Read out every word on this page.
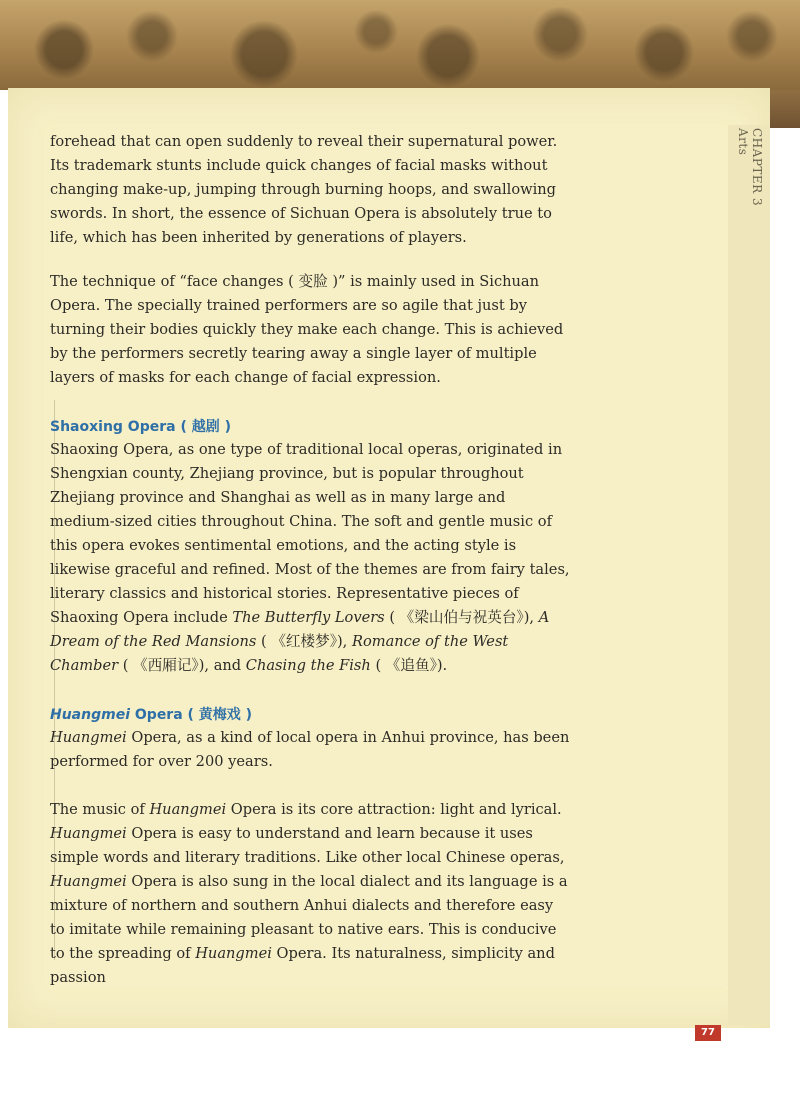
CHAPTER 3
Arts

forehead that can open suddenly to reveal their supernatural power. Its trademark stunts include quick changes of facial masks without changing make-up, jumping through burning hoops, and swallowing swords. In short, the essence of Sichuan Opera is absolutely true to life, which has been inherited by generations of players.

The technique of “face changes ( 变脸 )” is mainly used in Sichuan Opera. The specially trained performers are so agile that just by turning their bodies quickly they make each change. This is achieved by the performers secretly tearing away a single layer of multiple layers of masks for each change of facial expression.

Shaoxing Opera ( 越剧 )

Shaoxing Opera, as one type of traditional local operas, originated in Shengxian county, Zhejiang province, but is popular throughout Zhejiang province and Shanghai as well as in many large and medium-sized cities throughout China. The soft and gentle music of this opera evokes sentimental emotions, and the acting style is likewise graceful and refined. Most of the themes are from fairy tales, literary classics and historical stories. Representative pieces of Shaoxing Opera include The Butterfly Lovers ( 《梁山伯与祝英台》), A Dream of the Red Mansions ( 《红楼梦》), Romance of the West Chamber ( 《西厢记》), and Chasing the Fish ( 《追鱼》).

Huangmei Opera ( 黄梅戏 )

Huangmei Opera, as a kind of local opera in Anhui province, has been performed for over 200 years.

The music of Huangmei Opera is its core attraction: light and lyrical. Huangmei Opera is easy to understand and learn because it uses simple words and literary traditions. Like other local Chinese operas, Huangmei Opera is also sung in the local dialect and its language is a mixture of northern and southern Anhui dialects and therefore easy to imitate while remaining pleasant to native ears. This is conducive to the spreading of Huangmei Opera. Its naturalness, simplicity and passion

77
